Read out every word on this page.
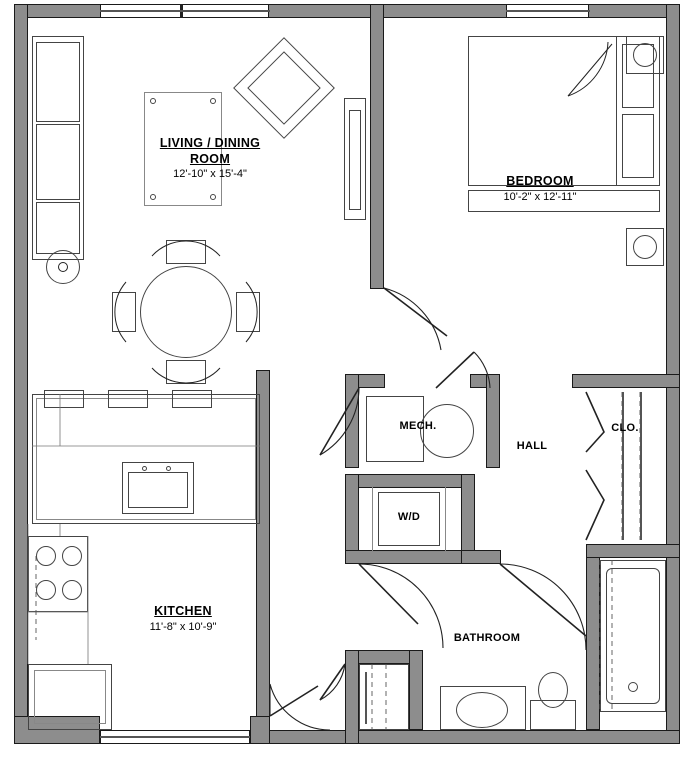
LIVING / DINING
ROOM
12'-10" x 15'-4"	BEDROOM
10'-2" x 12'-11"
KITCHEN
11'-8" x 10'-9"
MECH.
W/D
HALL
CLO.
BATHROOM
